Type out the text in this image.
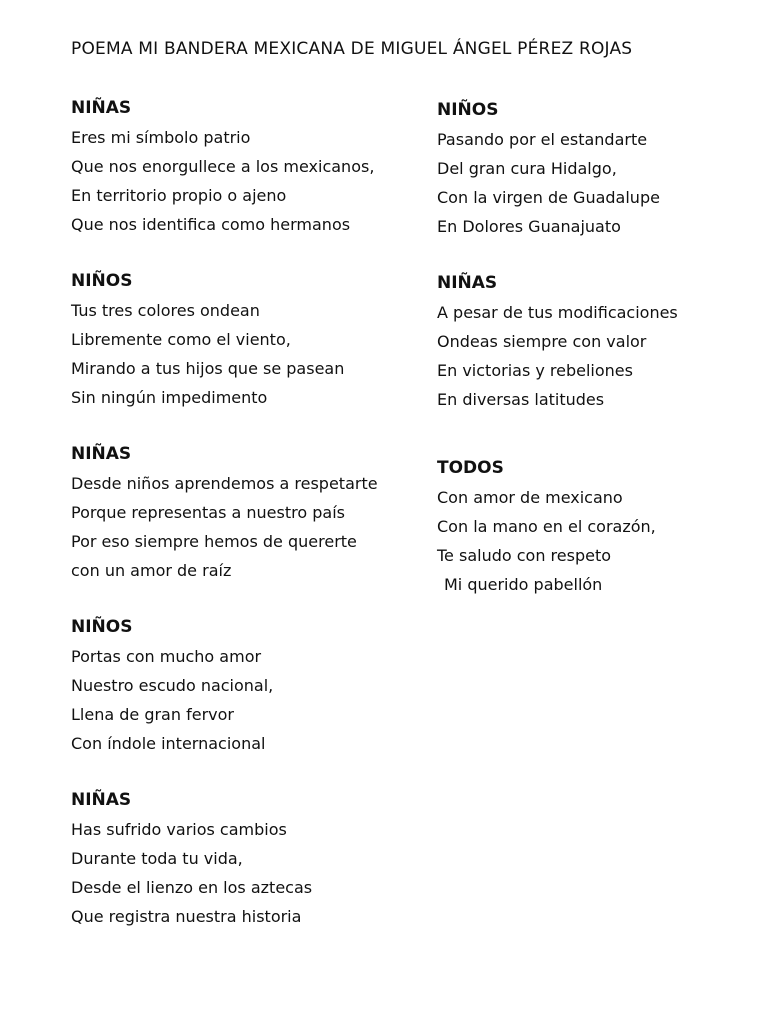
POEMA MI BANDERA MEXICANA DE MIGUEL ÁNGEL PÉREZ ROJAS
NIÑAS
Eres mi símbolo patrio
Que nos enorgullece a los mexicanos,
En territorio propio o ajeno
Que nos identifica como hermanos
NIÑOS
Tus tres colores ondean
Libremente como el viento,
Mirando a tus hijos que se pasean
Sin ningún impedimento
NIÑAS
Desde niños aprendemos a respetarte
Porque representas a nuestro país
Por eso siempre hemos de quererte
con un amor de raíz
NIÑOS
Portas con mucho amor
Nuestro escudo nacional,
Llena de gran fervor
Con índole internacional
NIÑAS
Has sufrido varios cambios
Durante toda tu vida,
Desde el lienzo en los aztecas
Que registra nuestra historia
NIÑOS
Pasando por el estandarte
Del gran cura Hidalgo,
Con la virgen de Guadalupe
En Dolores Guanajuato
NIÑAS
A pesar de tus modificaciones
Ondeas siempre con valor
En victorias y rebeliones
En diversas latitudes
TODOS
Con amor de mexicano
Con la mano en el corazón,
Te saludo con respeto
Mi querido pabellón
